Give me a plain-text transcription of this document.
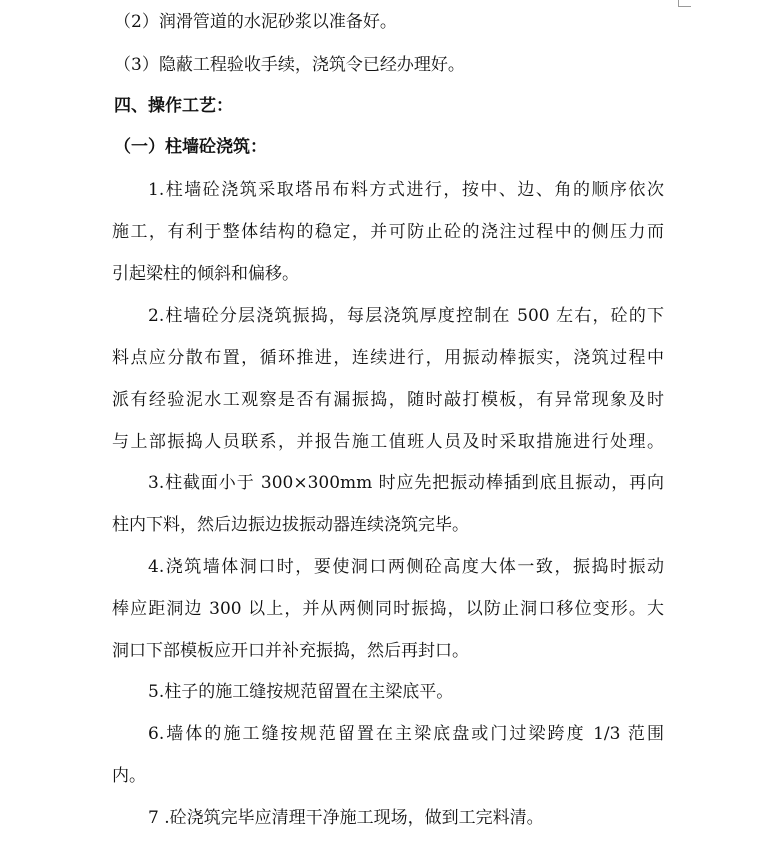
（2）润滑管道的水泥砂浆以准备好。
（3）隐蔽工程验收手续，浇筑令已经办理好。
四、操作工艺：
（一）柱墙砼浇筑：
1.柱墙砼浇筑采取塔吊布料方式进行，按中、边、角的顺序依次
施工，有利于整体结构的稳定，并可防止砼的浇注过程中的侧压力而
引起梁柱的倾斜和偏移。
2.柱墙砼分层浇筑振捣，每层浇筑厚度控制在 500 左右，砼的下
料点应分散布置，循环推进，连续进行，用振动棒振实，浇筑过程中
派有经验泥水工观察是否有漏振捣，随时敲打模板，有异常现象及时
与上部振捣人员联系，并报告施工值班人员及时采取措施进行处理。
3.柱截面小于 300×300mm 时应先把振动棒插到底且振动，再向
柱内下料，然后边振边拔振动器连续浇筑完毕。
4.浇筑墙体洞口时，要使洞口两侧砼高度大体一致，振捣时振动
棒应距洞边 300 以上，并从两侧同时振捣，以防止洞口移位变形。大
洞口下部模板应开口并补充振捣，然后再封口。
5.柱子的施工缝按规范留置在主梁底平。
6.墙体的施工缝按规范留置在主梁底盘或门过梁跨度 1/3 范围
内。
7 .砼浇筑完毕应清理干净施工现场，做到工完料清。
